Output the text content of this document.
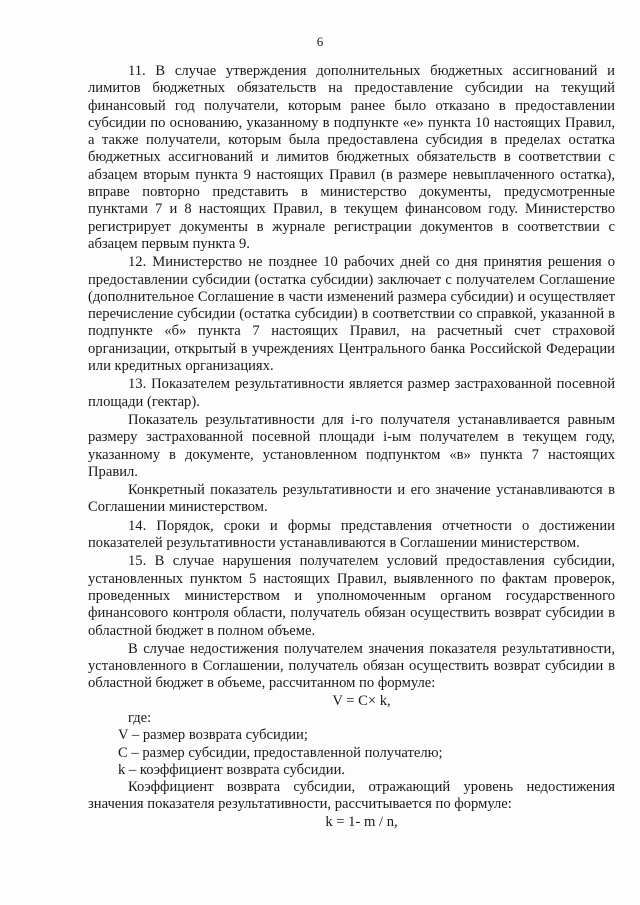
6

11. В случае утверждения дополнительных бюджетных ассигнований и лимитов бюджетных обязательств на предоставление субсидии на текущий финансовый год получатели, которым ранее было отказано в предоставлении субсидии по основанию, указанному в подпункте «е» пункта 10 настоящих Правил, а также получатели, которым была предоставлена субсидия в пределах остатка бюджетных ассигнований и лимитов бюджетных обязательств в соответствии с абзацем вторым пункта 9 настоящих Правил (в размере невыплаченного остатка), вправе повторно представить в министерство документы, предусмотренные пунктами 7 и 8 настоящих Правил, в текущем финансовом году. Министерство регистрирует документы в журнале регистрации документов в соответствии с абзацем первым пункта 9.

12. Министерство не позднее 10 рабочих дней со дня принятия решения о предоставлении субсидии (остатка субсидии) заключает с получателем Соглашение (дополнительное Соглашение в части изменений размера субсидии) и осуществляет перечисление субсидии (остатка субсидии) в соответствии со справкой, указанной в подпункте «б» пункта 7 настоящих Правил, на расчетный счет страховой организации, открытый в учреждениях Центрального банка Российской Федерации или кредитных организациях.

13. Показателем результативности является размер застрахованной посевной площади (гектар).

Показатель результативности для i-го получателя устанавливается равным размеру застрахованной посевной площади i-ым получателем в текущем году, указанному в документе, установленном подпунктом «в» пункта 7 настоящих Правил.

Конкретный показатель результативности и его значение устанавливаются в Соглашении министерством.

14. Порядок, сроки и формы представления отчетности о достижении показателей результативности устанавливаются в Соглашении министерством.

15. В случае нарушения получателем условий предоставления субсидии, установленных пунктом 5 настоящих Правил, выявленного по фактам проверок, проведенных министерством и уполномоченным органом государственного финансового контроля области, получатель обязан осуществить возврат субсидии в областной бюджет в полном объеме.

В случае недостижения получателем значения показателя результативности, установленного в Соглашении, получатель обязан осуществить возврат субсидии в областной бюджет в объеме, рассчитанном по формуле:

V = C× k,

где:

V – размер возврата субсидии;

C – размер субсидии, предоставленной получателю;

k – коэффициент возврата субсидии.

Коэффициент возврата субсидии, отражающий уровень недостижения значения показателя результативности, рассчитывается по формуле:

k = 1- m / n,
